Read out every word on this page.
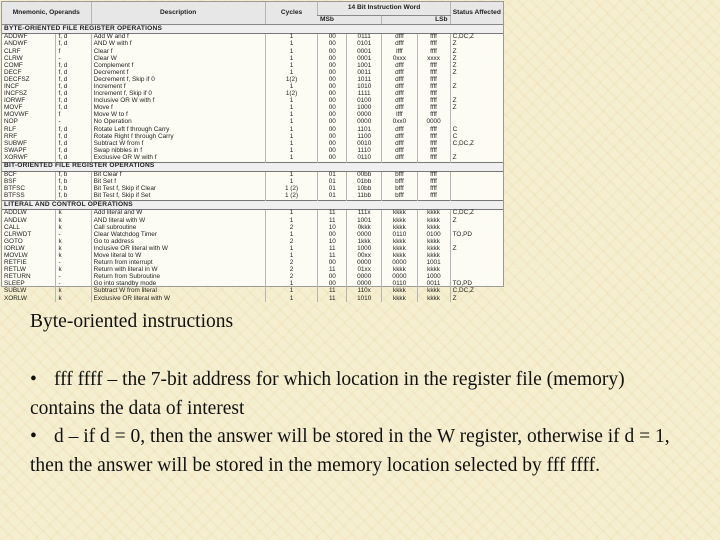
Mnemonic, Operands		Description	Cycles	14 Bit Instruction Word				Status Affected
				MSb		LSb		
BYTE-ORIENTED FILE REGISTER OPERATIONS								
ADDWF	f, d	Add W and f	1	00	0111	dfff	ffff	C,DC,Z
ANDWF	f, d	AND W with f	1	00	0101	dfff	ffff	Z
CLRF	f	Clear f	1	00	0001	lfff	ffff	Z
CLRW	-	Clear W	1	00	0001	0xxx	xxxx	Z
COMF	f, d	Complement f	1	00	1001	dfff	ffff	Z
DECF	f, d	Decrement f	1	00	0011	dfff	ffff	Z
DECFSZ	f, d	Decrement f, Skip if 0	1(2)	00	1011	dfff	ffff	
INCF	f, d	Increment f	1	00	1010	dfff	ffff	Z
INCFSZ	f, d	Increment f, Skip if 0	1(2)	00	1111	dfff	ffff	
IORWF	f, d	Inclusive OR W with f	1	00	0100	dfff	ffff	Z
MOVF	f, d	Move f	1	00	1000	dfff	ffff	Z
MOVWF	f	Move W to f	1	00	0000	lfff	ffff	
NOP	-	No Operation	1	00	0000	0xx0	0000	
RLF	f, d	Rotate Left f through Carry	1	00	1101	dfff	ffff	C
RRF	f, d	Rotate Right f through Carry	1	00	1100	dfff	ffff	C
SUBWF	f, d	Subtract W from f	1	00	0010	dfff	ffff	C,DC,Z
SWAPF	f, d	Swap nibbles in f	1	00	1110	dfff	ffff	
XORWF	f, d	Exclusive OR W with f	1	00	0110	dfff	ffff	Z
BIT-ORIENTED FILE REGISTER OPERATIONS								
BCF	f, b	Bit Clear f	1	01	00bb	bfff	ffff	
BSF	f, b	Bit Set f	1	01	01bb	bfff	ffff	
BTFSC	f, b	Bit Test f, Skip if Clear	1 (2)	01	10bb	bfff	ffff	
BTFSS	f, b	Bit Test f, Skip if Set	1 (2)	01	11bb	bfff	ffff	
LITERAL AND CONTROL OPERATIONS								
ADDLW	k	Add literal and W	1	11	111x	kkkk	kkkk	C,DC,Z
ANDLW	k	AND literal with W	1	11	1001	kkkk	kkkk	Z
CALL	k	Call subroutine	2	10	0kkk	kkkk	kkkk	
CLRWDT	-	Clear Watchdog Timer	1	00	0000	0110	0100	TO,PD
GOTO	k	Go to address	2	10	1kkk	kkkk	kkkk	
IORLW	k	Inclusive OR literal with W	1	11	1000	kkkk	kkkk	Z
MOVLW	k	Move literal to W	1	11	00xx	kkkk	kkkk	
RETFIE	-	Return from interrupt	2	00	0000	0000	1001	
RETLW	k	Return with literal in W	2	11	01xx	kkkk	kkkk	
RETURN	-	Return from Subroutine	2	00	0000	0000	1000	
SLEEP	-	Go into standby mode	1	00	0000	0110	0011	TO,PD
SUBLW	k	Subtract W from literal	1	11	110x	kkkk	kkkk	C,DC,Z
XORLW	k	Exclusive OR literal with W	1	11	1010	kkkk	kkkk	Z
Byte-oriented instructions
• fff ffff – the 7-bit address for which location in the register file (memory) contains the data of interest
• d – if d = 0, then the answer will be stored in the W register, otherwise if d = 1, then the answer will be stored in the memory location selected by fff ffff.
